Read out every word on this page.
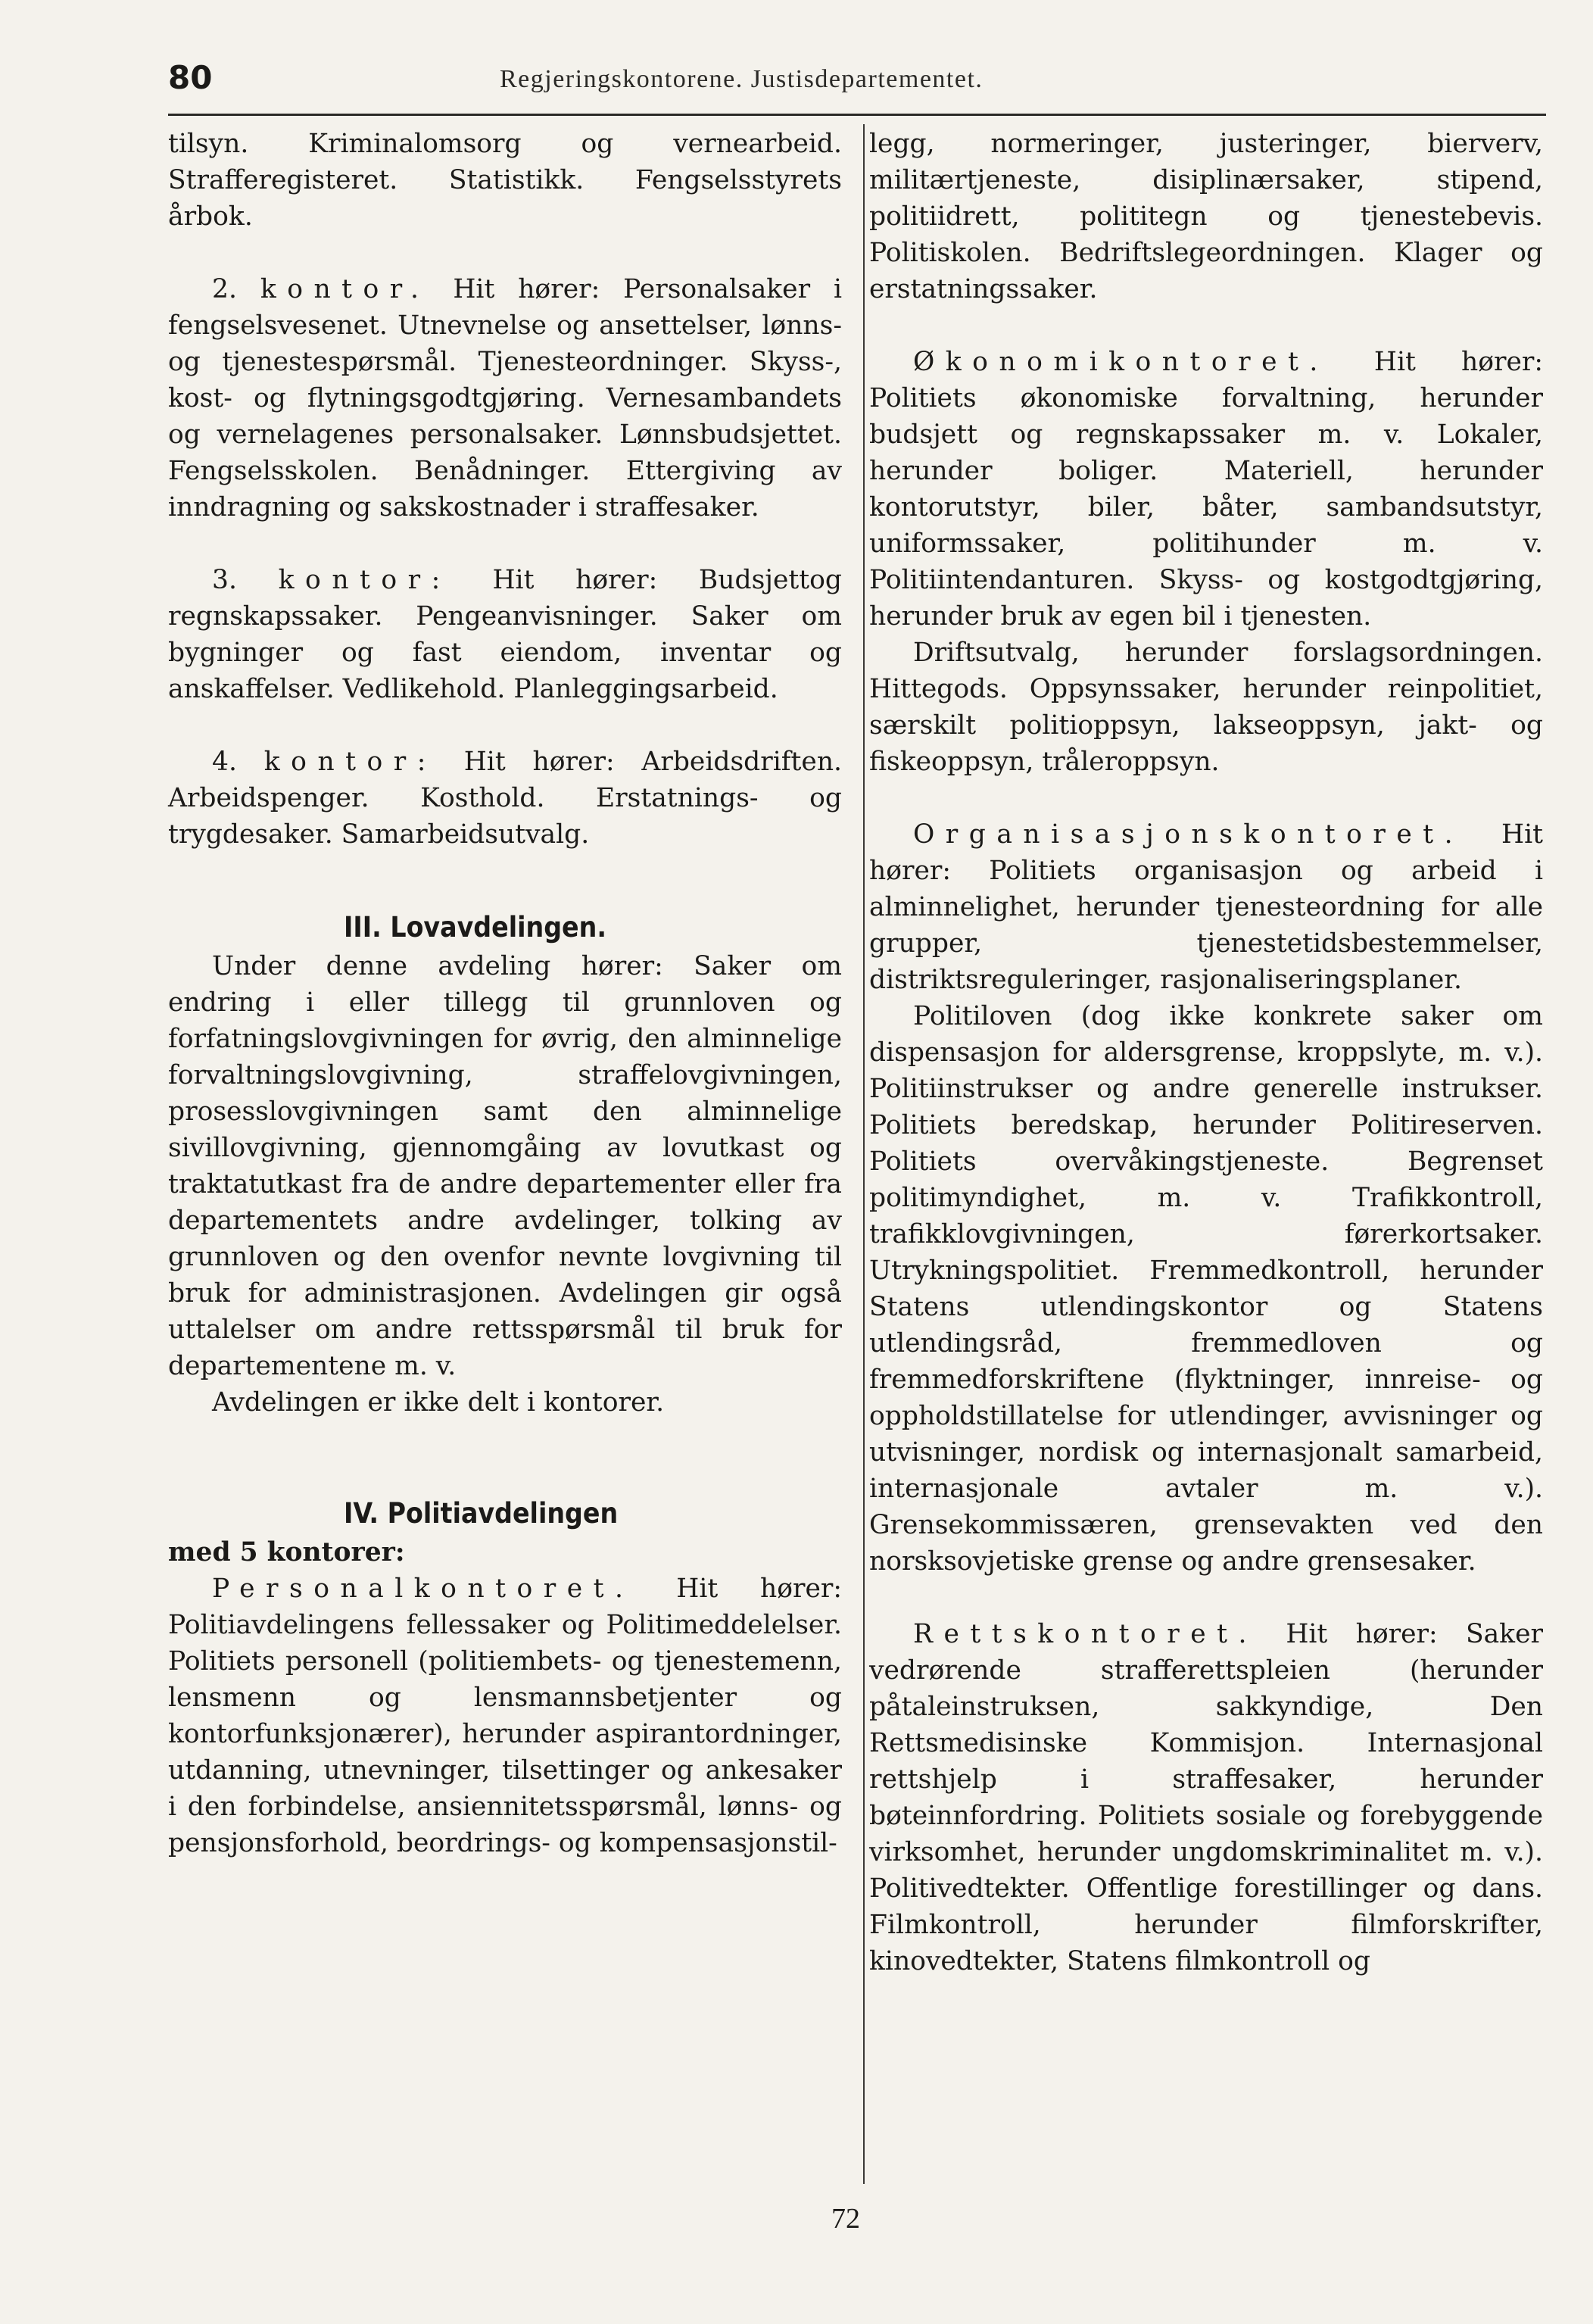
80	Regjeringskontorene. Justisdepartementet.

tilsyn. Kriminalomsorg og vernearbeid. Strafferegisteret. Statistikk. Fengselsstyrets årbok.

2. kontor. Hit hører: Personalsaker i fengselsvesenet. Utnevnelse og ansettelser, lønns- og tjenestespørsmål. Tjenesteordninger. Skyss-, kost- og flytningsgodtgjøring. Vernesambandets og vernelagenes personalsaker. Lønnsbudsjettet. Fengselsskolen. Benådninger. Ettergiving av inndragning og sakskostnader i straffesaker.

3. kontor: Hit hører: Budsjettog regnskapssaker. Pengeanvisninger. Saker om bygninger og fast eiendom, inventar og anskaffelser. Vedlikehold. Planleggingsarbeid.

4. kontor: Hit hører: Arbeidsdriften. Arbeidspenger. Kosthold. Erstatnings- og trygdesaker. Samarbeidsutvalg.

III. Lovavdelingen.

Under denne avdeling hører: Saker om endring i eller tillegg til grunnloven og forfatningslovgivningen for øvrig, den alminnelige forvaltningslovgivning, straffelovgivningen, prosesslovgivningen samt den alminnelige sivillovgivning, gjennomgåing av lovutkast og traktatutkast fra de andre departementer eller fra departementets andre avdelinger, tolking av grunnloven og den ovenfor nevnte lovgivning til bruk for administrasjonen. Avdelingen gir også uttalelser om andre rettsspørsmål til bruk for departementene m. v.

Avdelingen er ikke delt i kontorer.

IV. Politiavdelingen

med 5 kontorer:

Personalkontoret. Hit hører: Politiavdelingens fellessaker og Politimeddelelser. Politiets personell (politiembets- og tjenestemenn, lensmenn og lensmannsbetjenter og kontorfunksjonærer), herunder aspirantordninger, utdanning, utnevninger, tilsettinger og ankesaker i den forbindelse, ansiennitetsspørsmål, lønns- og pensjonsforhold, beordrings- og kompensasjonstil-

legg, normeringer, justeringer, bierverv, militærtjeneste, disiplinærsaker, stipend, politiidrett, polititegn og tjenestebevis. Politiskolen. Bedriftslegeordningen. Klager og erstatningssaker.

Økonomikontoret. Hit hører: Politiets økonomiske forvaltning, herunder budsjett og regnskapssaker m. v. Lokaler, herunder boliger. Materiell, herunder kontorutstyr, biler, båter, sambandsutstyr, uniformssaker, politihunder m. v. Politiintendanturen. Skyss- og kostgodtgjøring, herunder bruk av egen bil i tjenesten.

Driftsutvalg, herunder forslagsordningen. Hittegods. Oppsynssaker, herunder reinpolitiet, særskilt politioppsyn, lakseoppsyn, jakt- og fiskeoppsyn, tråleroppsyn.

Organisasjonskontoret. Hit hører: Politiets organisasjon og arbeid i alminnelighet, herunder tjenesteordning for alle grupper, tjenestetidsbestemmelser, distriktsreguleringer, rasjonaliseringsplaner.

Politiloven (dog ikke konkrete saker om dispensasjon for aldersgrense, kroppslyte, m. v.). Politiinstrukser og andre generelle instrukser. Politiets beredskap, herunder Politireserven. Politiets overvåkingstjeneste. Begrenset politimyndighet, m. v. Trafikkontroll, trafikklovgivningen, førerkortsaker. Utrykningspolitiet. Fremmedkontroll, herunder Statens utlendingskontor og Statens utlendingsråd, fremmedloven og fremmedforskriftene (flyktninger, innreise- og oppholdstillatelse for utlendinger, avvisninger og utvisninger, nordisk og internasjonalt samarbeid, internasjonale avtaler m. v.). Grensekommissæren, grensevakten ved den norsksovjetiske grense og andre grensesaker.

Rettskontoret. Hit hører: Saker vedrørende strafferettspleien (herunder påtaleinstruksen, sakkyndige, Den Rettsmedisinske Kommisjon. Internasjonal rettshjelp i straffesaker, herunder bøteinnfordring. Politiets sosiale og forebyggende virksomhet, herunder ungdomskriminalitet m. v.). Politivedtekter. Offentlige forestillinger og dans. Filmkontroll, herunder filmforskrifter, kinovedtekter, Statens filmkontroll og

72
